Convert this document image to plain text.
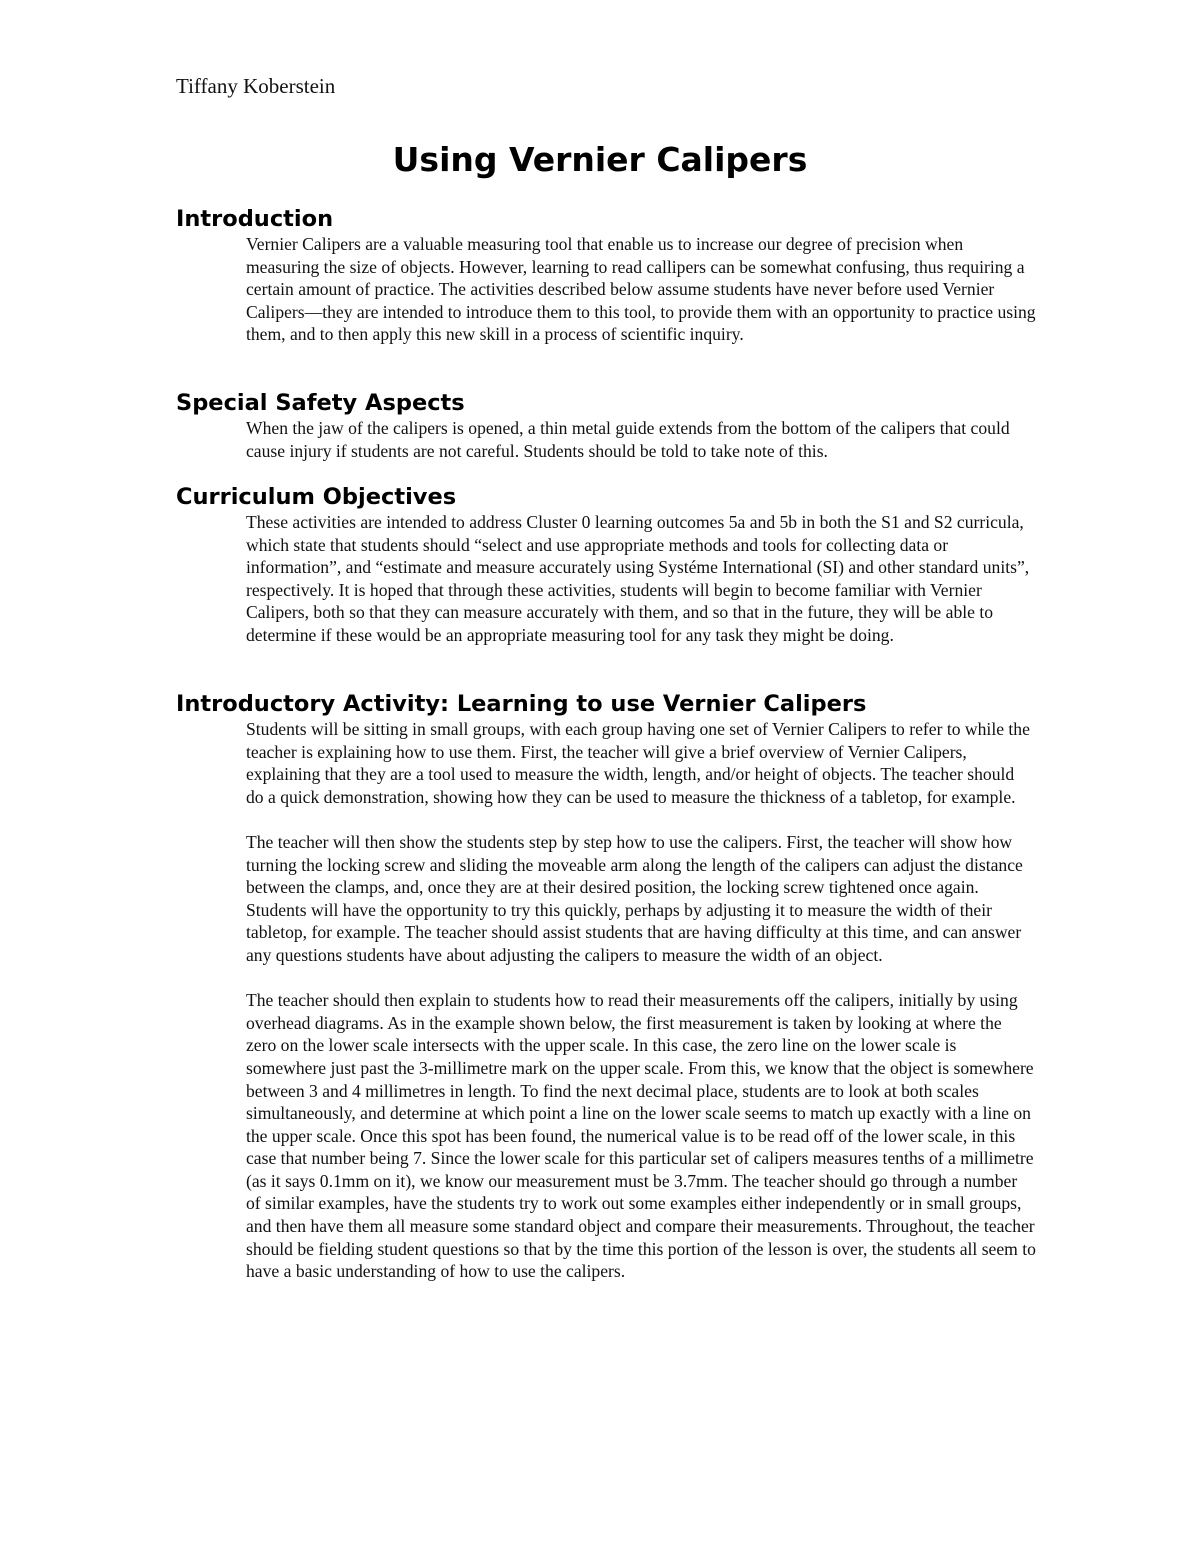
Tiffany Koberstein
Using Vernier Calipers
Introduction

Vernier Calipers are a valuable measuring tool that enable us to increase our degree of precision when measuring the size of objects. However, learning to read callipers can be somewhat confusing, thus requiring a certain amount of practice. The activities described below assume students have never before used Vernier Calipers—they are intended to introduce them to this tool, to provide them with an opportunity to practice using them, and to then apply this new skill in a process of scientific inquiry.

Special Safety Aspects

When the jaw of the calipers is opened, a thin metal guide extends from the bottom of the calipers that could cause injury if students are not careful. Students should be told to take note of this.

Curriculum Objectives

These activities are intended to address Cluster 0 learning outcomes 5a and 5b in both the S1 and S2 curricula, which state that students should “select and use appropriate methods and tools for collecting data or information”, and “estimate and measure accurately using Systéme International (SI) and other standard units”, respectively. It is hoped that through these activities, students will begin to become familiar with Vernier Calipers, both so that they can measure accurately with them, and so that in the future, they will be able to determine if these would be an appropriate measuring tool for any task they might be doing.

Introductory Activity: Learning to use Vernier Calipers

Students will be sitting in small groups, with each group having one set of Vernier Calipers to refer to while the teacher is explaining how to use them. First, the teacher will give a brief overview of Vernier Calipers, explaining that they are a tool used to measure the width, length, and/or height of objects. The teacher should do a quick demonstration, showing how they can be used to measure the thickness of a tabletop, for example.

The teacher will then show the students step by step how to use the calipers. First, the teacher will show how turning the locking screw and sliding the moveable arm along the length of the calipers can adjust the distance between the clamps, and, once they are at their desired position, the locking screw tightened once again. Students will have the opportunity to try this quickly, perhaps by adjusting it to measure the width of their tabletop, for example. The teacher should assist students that are having difficulty at this time, and can answer any questions students have about adjusting the calipers to measure the width of an object.

The teacher should then explain to students how to read their measurements off the calipers, initially by using overhead diagrams. As in the example shown below, the first measurement is taken by looking at where the zero on the lower scale intersects with the upper scale. In this case, the zero line on the lower scale is somewhere just past the 3-millimetre mark on the upper scale. From this, we know that the object is somewhere between 3 and 4 millimetres in length. To find the next decimal place, students are to look at both scales simultaneously, and determine at which point a line on the lower scale seems to match up exactly with a line on the upper scale. Once this spot has been found, the numerical value is to be read off of the lower scale, in this case that number being 7. Since the lower scale for this particular set of calipers measures tenths of a millimetre (as it says 0.1mm on it), we know our measurement must be 3.7mm. The teacher should go through a number of similar examples, have the students try to work out some examples either independently or in small groups, and then have them all measure some standard object and compare their measurements. Throughout, the teacher should be fielding student questions so that by the time this portion of the lesson is over, the students all seem to have a basic understanding of how to use the calipers.
